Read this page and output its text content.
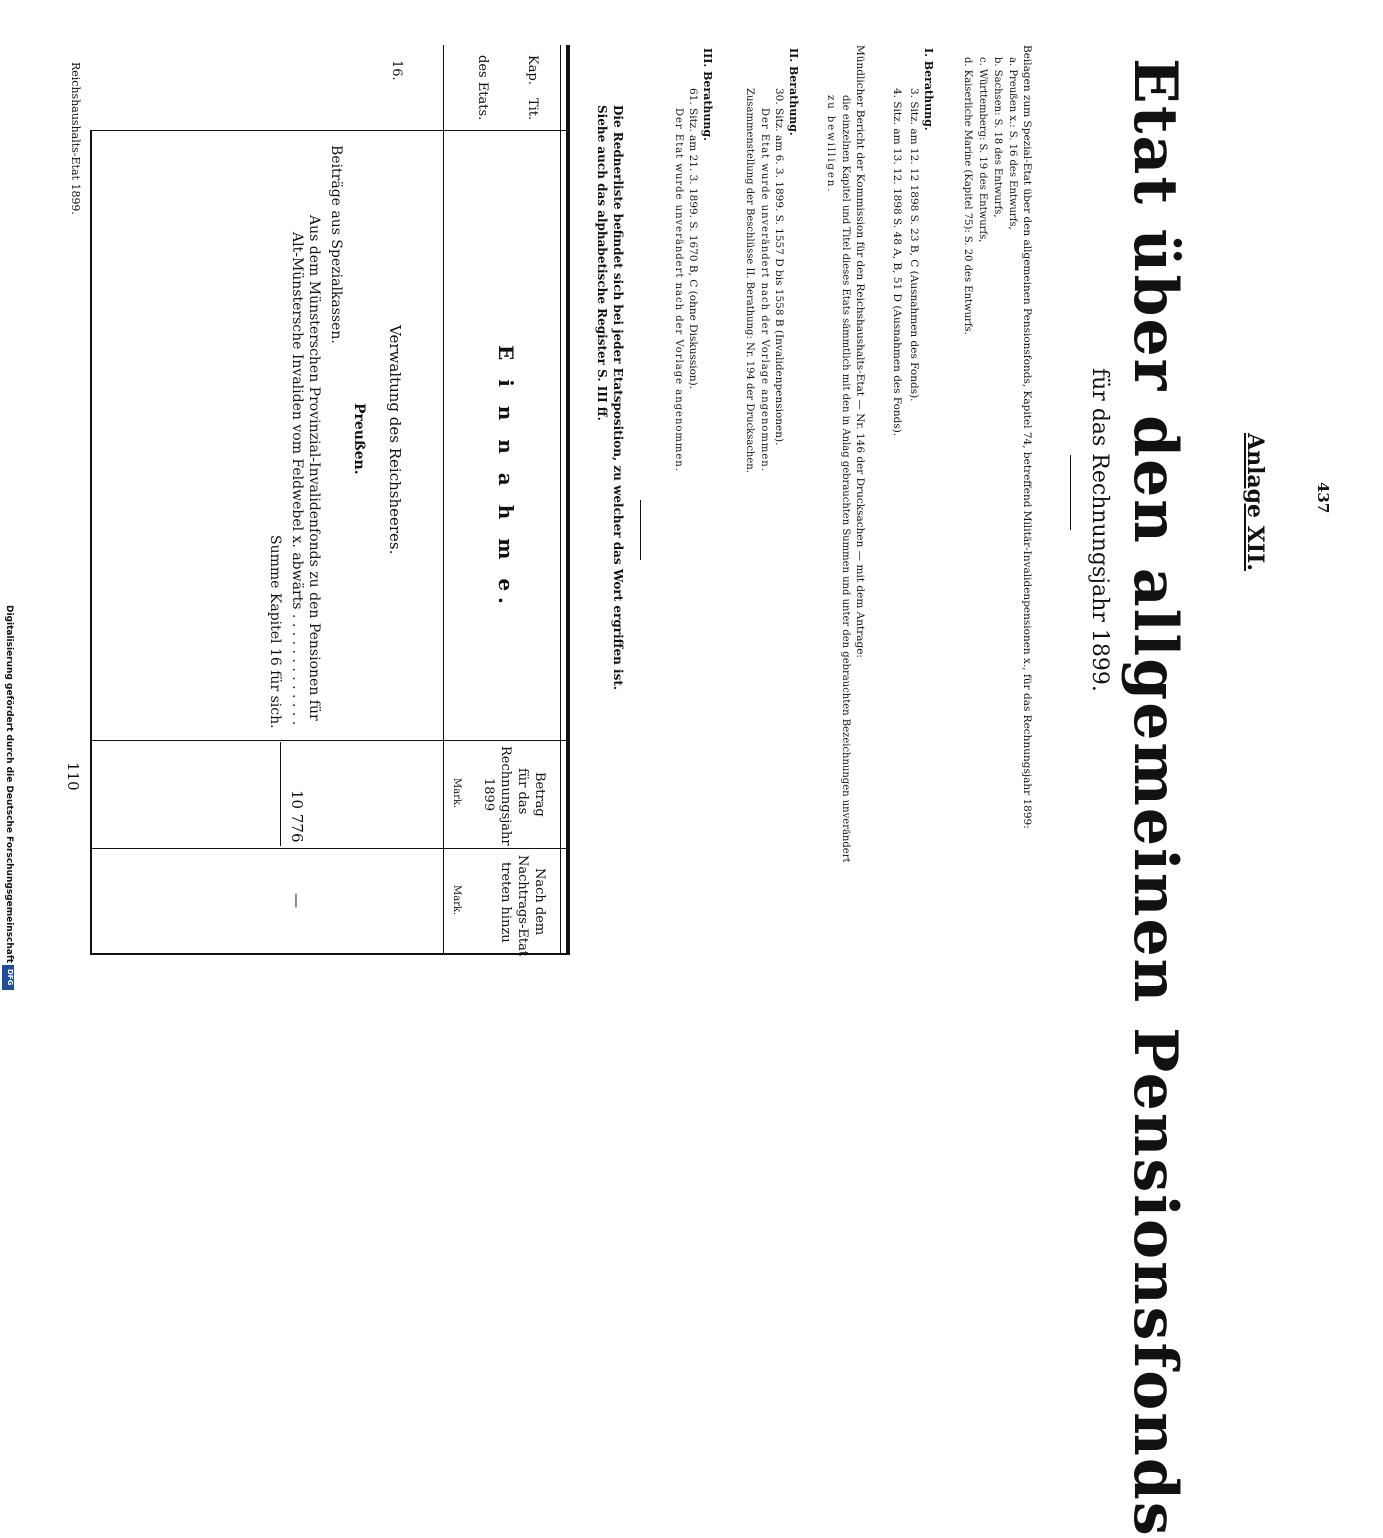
Digitalisierung gefördert durch die Deutsche Forschungsgemeinschaft
DFG
437
Anlage XII.
Etat über den allgemeinen Pensionsfonds
für das Rechnungsjahr 1899.
Beilagen zum Spezial-Etat über den allgemeinen Pensionsfonds, Kapitel 74, betreffend Militär-Invalidenpensionen x., für das Rechnungsjahr 1899:
a. Preußen x.: S. 16 des Entwurfs,
b. Sachsen: S. 18 des Entwurfs,
c. Württemberg: S. 19 des Entwurfs,
d. Kaiserliche Marine (Kapitel 75): S. 20 des Entwurfs.
I. Berathung.
3. Sitz. am 12. 12 1898 S. 23 B, C (Ausnahmen des Fonds).
4. Sitz. am 13. 12. 1898 S. 48 A, B, 51 D (Ausnahmen des Fonds).
Mündlicher Bericht der Kommission für den Reichshaushalts-Etat — Nr. 146 der Drucksachen — mit dem Antrage:
die einzelnen Kapitel und Titel dieses Etats sämmtlich mit den in Anlag gebrauchten Summen und unter den gebrauchten Bezeichnungen unverändert
zu bewilligen.
II. Berathung.
30. Sitz. am 6. 3. 1899. S. 1557 D bis 1558 B (Invalidenpensionen).
Der Etat wurde unverändert nach der Vorlage angenommen.
Zusammenstellung der Beschlüsse II. Berathung: Nr. 194 der Drucksachen.
III. Berathung.
61. Sitz. am 21. 3. 1899. S. 1670 B, C (ohne Diskussion).
Der Etat wurde unverändert nach der Vorlage angenommen.
Die Rednerliste befindet sich bei jeder Etatsposition, zu welcher das Wort ergriffen ist.
Siehe auch das alphabetische Register S. III ff.
Kap.
Tit.
des Etats.
E i n n a h m e.
Betrag
für das
Rechnungsjahr
1899
Mark.
Nach dem
Nachtrags-Etat
treten hinzu
Mark.
16.
Verwaltung des Reichsheeres.
Preußen.
Beiträge aus Spezialkassen.
Aus dem Münsterschen Provinzial-Invalidenfonds zu den Pensionen für
Alt-Münstersche Invaliden vom Feldwebel x. abwärts . . . . . . . . . . . . .
Summe Kapitel 16 für sich.
10 776
—
Reichshaushalts-Etat 1899.
110
